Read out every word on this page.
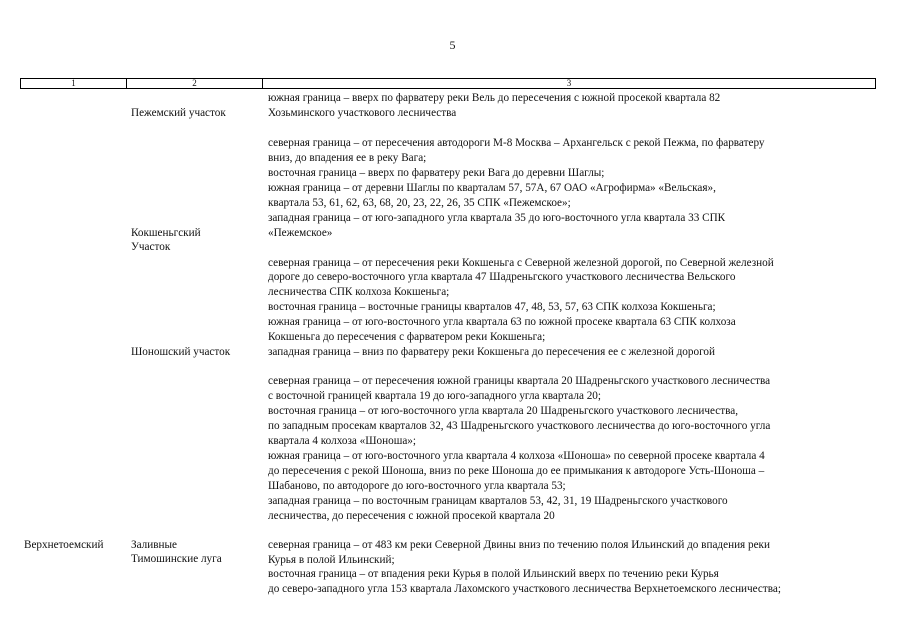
5
1	2	3
южная граница – вверх по фарватеру реки Вель до пересечения с южной просекой квартала 82
Хозьминского участкового лесничества
Пежемский участок
северная граница – от пересечения автодороги М-8 Москва – Архангельск с рекой Пежма, по фарватеру
вниз, до впадения ее в реку Вага;
восточная граница – вверх по фарватеру реки Вага до деревни Шаглы;
южная граница – от деревни Шаглы по кварталам 57, 57А, 67 ОАО «Агрофирма» «Вельская»,
квартала 53, 61, 62, 63, 68, 20, 23, 22, 26, 35 СПК «Пежемское»;
западная граница – от юго-западного угла квартала 35 до юго-восточного угла квартала 33 СПК
«Пежемское»
Кокшеньгский
Участок
северная граница – от пересечения реки Кокшеньга с Северной железной дорогой, по Северной железной
дороге до северо-восточного угла квартала 47 Шадреньгского участкового лесничества Вельского
лесничества СПК колхоза Кокшеньга;
восточная граница – восточные границы кварталов 47, 48, 53, 57, 63 СПК колхоза Кокшеньга;
южная граница – от юго-восточного угла квартала 63 по южной просеке квартала 63 СПК колхоза
Кокшеньга до пересечения с фарватером реки Кокшеньга;
западная граница – вниз по фарватеру реки Кокшеньга до пересечения ее с железной дорогой
Шоношский участок
северная граница – от пересечения южной границы квартала 20 Шадреньгского участкового лесничества
с восточной границей квартала 19 до юго-западного угла квартала 20;
восточная граница – от юго-восточного угла квартала 20 Шадреньгского участкового лесничества,
по западным просекам кварталов 32, 43 Шадреньгского участкового лесничества до юго-восточного угла
квартала 4 колхоза «Шоноша»;
южная граница – от юго-восточного угла квартала 4 колхоза «Шоноша» по северной просеке квартала 4
до пересечения с рекой Шоноша, вниз по реке Шоноша до ее примыкания к автодороге Усть-Шоноша –
Шабаново, по автодороге до юго-восточного угла квартала 53;
западная граница – по восточным границам кварталов 53, 42, 31, 19 Шадреньгского участкового
лесничества, до пересечения с южной просекой квартала 20
Верхнетоемский Заливные
Тимошинские луга
северная граница – от 483 км реки Северной Двины вниз по течению полоя Ильинский до впадения реки
Курья в полой Ильинский;
восточная граница – от впадения реки Курья в полой Ильинский вверх по течению реки Курья
до северо-западного угла 153 квартала Лахомского участкового лесничества Верхнетоемского лесничества;
